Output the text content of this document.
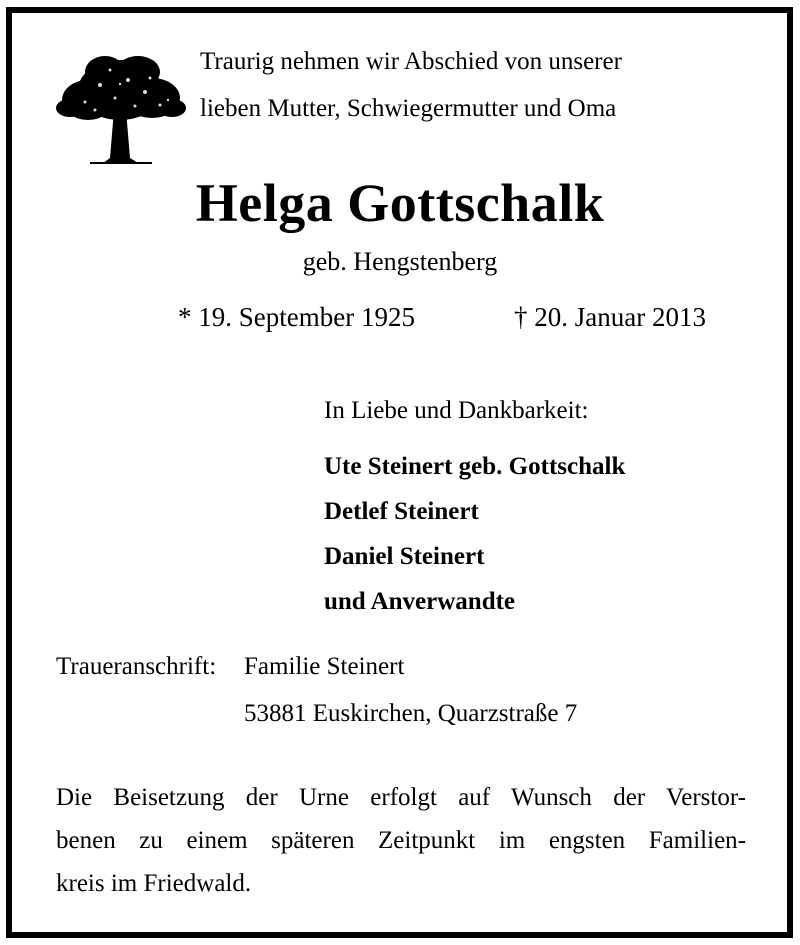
Traurig nehmen wir Abschied von unserer
lieben Mutter, Schwiegermutter und Oma
Helga Gottschalk
geb. Hengstenberg
* 19. September 1925	† 20. Januar 2013
In Liebe und Dankbarkeit:
Ute Steinert geb. Gottschalk
Detlef Steinert
Daniel Steinert
und Anverwandte
Traueranschrift: Familie Steinert
53881 Euskirchen, Quarzstraße 7
Die Beisetzung der Urne erfolgt auf Wunsch der Verstor-
benen zu einem späteren Zeitpunkt im engsten Familien-
kreis im Friedwald.
